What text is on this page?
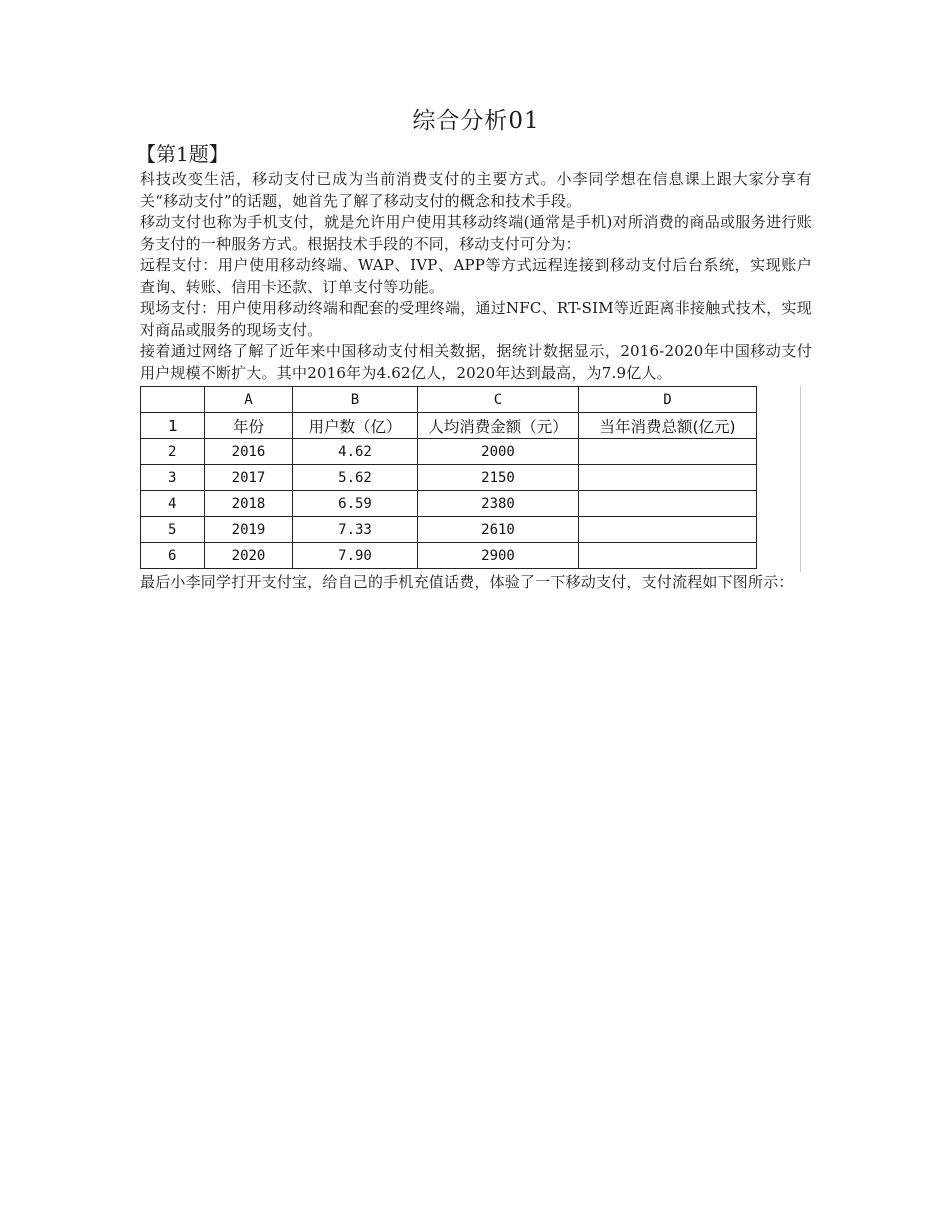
综合分析01
【第1题】

科技改变生活，移动支付已成为当前消费支付的主要方式。小李同学想在信息课上跟大家分享有关“移动支付”的话题，她首先了解了移动支付的概念和技术手段。

移动支付也称为手机支付，就是允许用户使用其移动终端(通常是手机)对所消费的商品或服务进行账务支付的一种服务方式。根据技术手段的不同，移动支付可分为：

远程支付：用户使用移动终端、WAP、IVP、APP等方式远程连接到移动支付后台系统，实现账户查询、转账、信用卡还款、订单支付等功能。

现场支付：用户使用移动终端和配套的受理终端，通过NFC、RT-SIM等近距离非接触式技术，实现对商品或服务的现场支付。

接着通过网络了解了近年来中国移动支付相关数据，据统计数据显示，2016-2020年中国移动支付用户规模不断扩大。其中2016年为4.62亿人，2020年达到最高，为7.9亿人。

	A	B	C	D
1	年份	用户数（亿）	人均消费金额（元）	当年消费总额(亿元)
2	2016	4.62	2000	
3	2017	5.62	2150	
4	2018	6.59	2380	
5	2019	7.33	2610	
6	2020	7.90	2900	

最后小李同学打开支付宝，给自己的手机充值话费，体验了一下移动支付，支付流程如下图所示：
